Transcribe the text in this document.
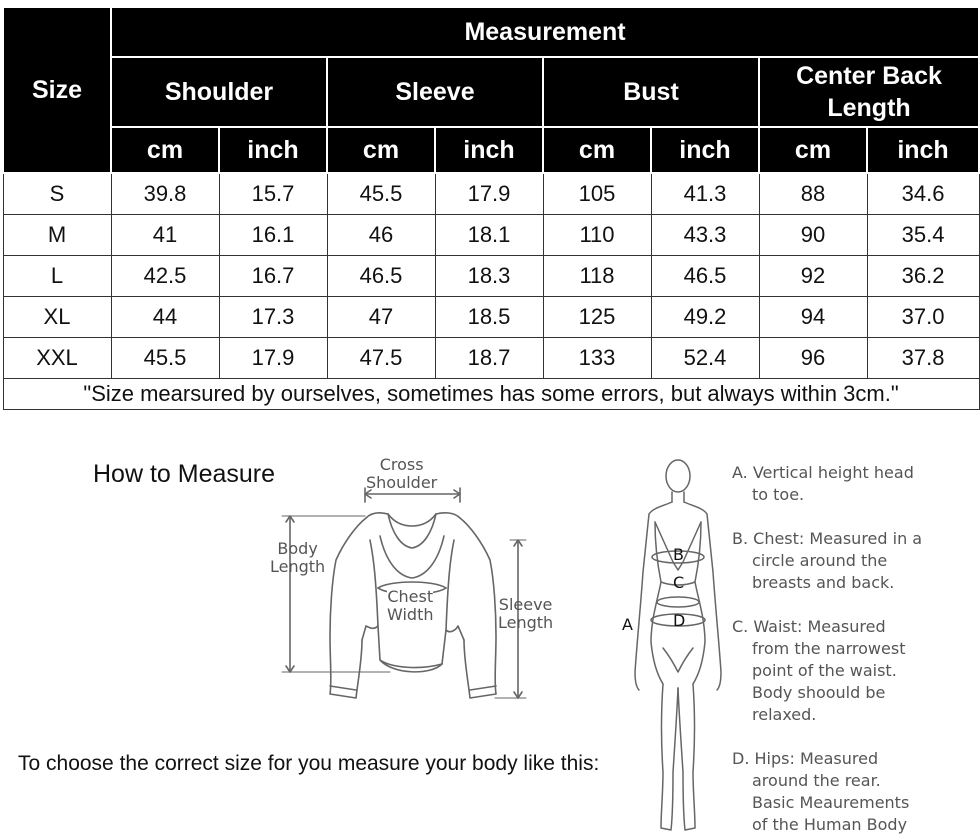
Size	Measurement							
	Shoulder		Sleeve		Bust		Center Back
Length	
	cm	inch	cm	inch	cm	inch	cm	inch
S	39.8	15.7	45.5	17.9	105	41.3	88	34.6
M	41	16.1	46	18.1	110	43.3	90	35.4
L	42.5	16.7	46.5	18.3	118	46.5	92	36.2
XL	44	17.3	47	18.5	125	49.2	94	37.0
XXL	45.5	17.9	47.5	18.7	133	52.4	96	37.8
"Size mearsured by ourselves, sometimes has some errors, but always within 3cm."								
How to Measure
To choose the correct size for you measure your body like this:
Cross
Shoulder
Body
Length
Chest
Width
Sleeve
Length	A
B
C
D
A. Vertical height head
to toe.
B. Chest: Measured in a
circle around the
breasts and back.
C. Waist: Measured
from the narrowest
point of the waist.
Body shoould be
relaxed.
D. Hips: Measured
around the rear.
Basic Meaurements
of the Human Body
